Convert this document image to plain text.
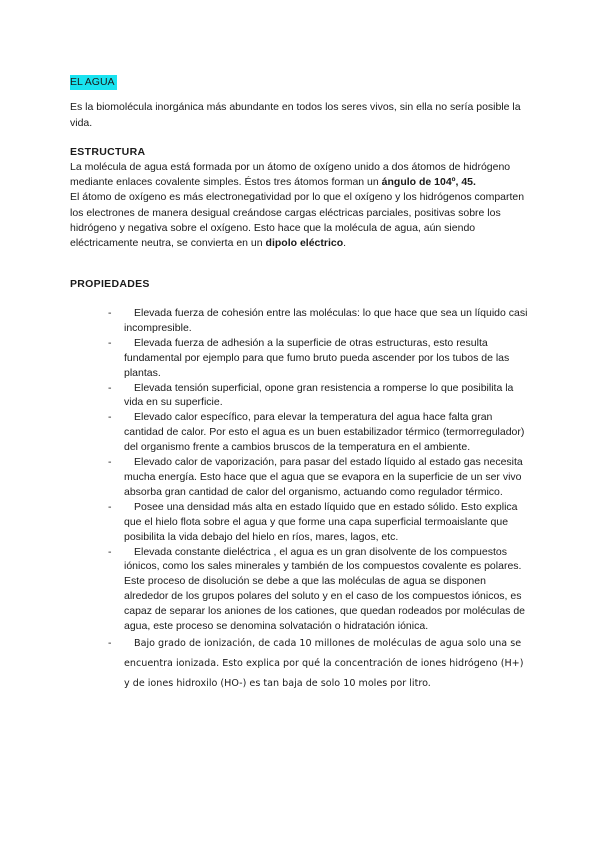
EL AGUA
Es la biomolécula inorgánica más abundante en todos los seres vivos, sin ella no sería posible la vida.
ESTRUCTURA
La molécula de agua está formada por un átomo de oxígeno unido a dos átomos de hidrógeno mediante enlaces covalente simples. Éstos tres átomos forman un ángulo de 104º, 45.
El átomo de oxígeno es más electronegatividad por lo que el oxígeno y los hidrógenos comparten los electrones de manera desigual creándose cargas eléctricas parciales, positivas sobre los hidrógeno y negativa sobre el oxígeno. Esto hace que la molécula de agua, aún siendo eléctricamente neutra, se convierta en un dipolo eléctrico.
PROPIEDADES
- Elevada fuerza de cohesión entre las moléculas: lo que hace que sea un líquido casi incompresible.
- Elevada fuerza de adhesión a la superficie de otras estructuras, esto resulta fundamental por ejemplo para que fumo bruto pueda ascender por los tubos de las plantas.
- Elevada tensión superficial, opone gran resistencia a romperse lo que posibilita la vida en su superficie.
- Elevado calor específico, para elevar la temperatura del agua hace falta gran cantidad de calor. Por esto el agua es un buen estabilizador térmico (termorregulador) del organismo frente a cambios bruscos de la temperatura en el ambiente.
- Elevado calor de vaporización, para pasar del estado líquido al estado gas necesita mucha energía. Esto hace que el agua que se evapora en la superficie de un ser vivo absorba gran cantidad de calor del organismo, actuando como regulador térmico.
- Posee una densidad más alta en estado líquido que en estado sólido. Esto explica que el hielo flota sobre el agua y que forme una capa superficial termoaislante que posibilita la vida debajo del hielo en ríos, mares, lagos, etc.
- Elevada constante dieléctrica , el agua es un gran disolvente de los compuestos iónicos, como los sales minerales y también de los compuestos covalente es polares. Este proceso de disolución se debe a que las moléculas de agua se disponen alrededor de los grupos polares del soluto y en el caso de los compuestos iónicos, es capaz de separar los aniones de los cationes, que quedan rodeados por moléculas de agua, este proceso se denomina solvatación o hidratación iónica.
- Bajo grado de ionización, de cada 10 millones de moléculas de agua solo una se encuentra ionizada. Esto explica por qué la concentración de iones hidrógeno (H+) y de iones hidroxilo (HO-) es tan baja de solo 10 moles por litro.
